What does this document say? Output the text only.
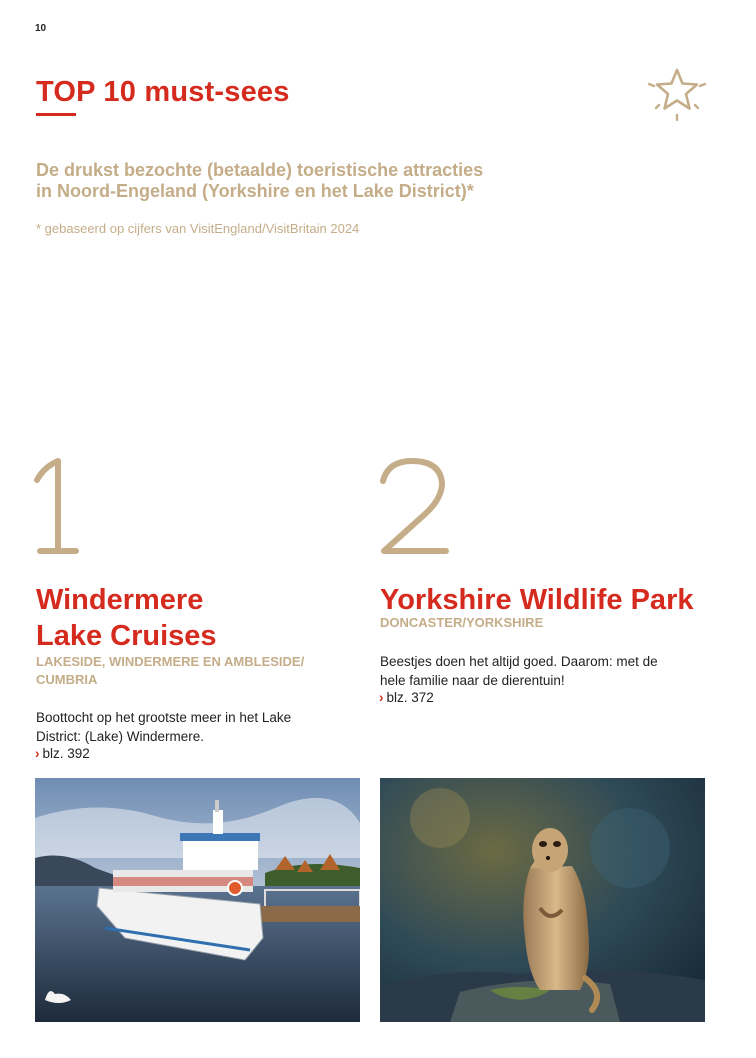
10
TOP 10 must-sees
De drukst bezochte (betaalde) toeristische attracties
in Noord-Engeland (Yorkshire en het Lake District)*
* gebaseerd op cijfers van VisitEngland/VisitBritain 2024
Windermere
Lake Cruises
LAKESIDE, WINDERMERE EN AMBLESIDE/
CUMBRIA
Boottocht op het grootste meer in het Lake
District: (Lake) Windermere.
› blz. 392
Yorkshire Wildlife Park
DONCASTER/YORKSHIRE
Beestjes doen het altijd goed. Daarom: met de
hele familie naar de dierentuin!
› blz. 372
